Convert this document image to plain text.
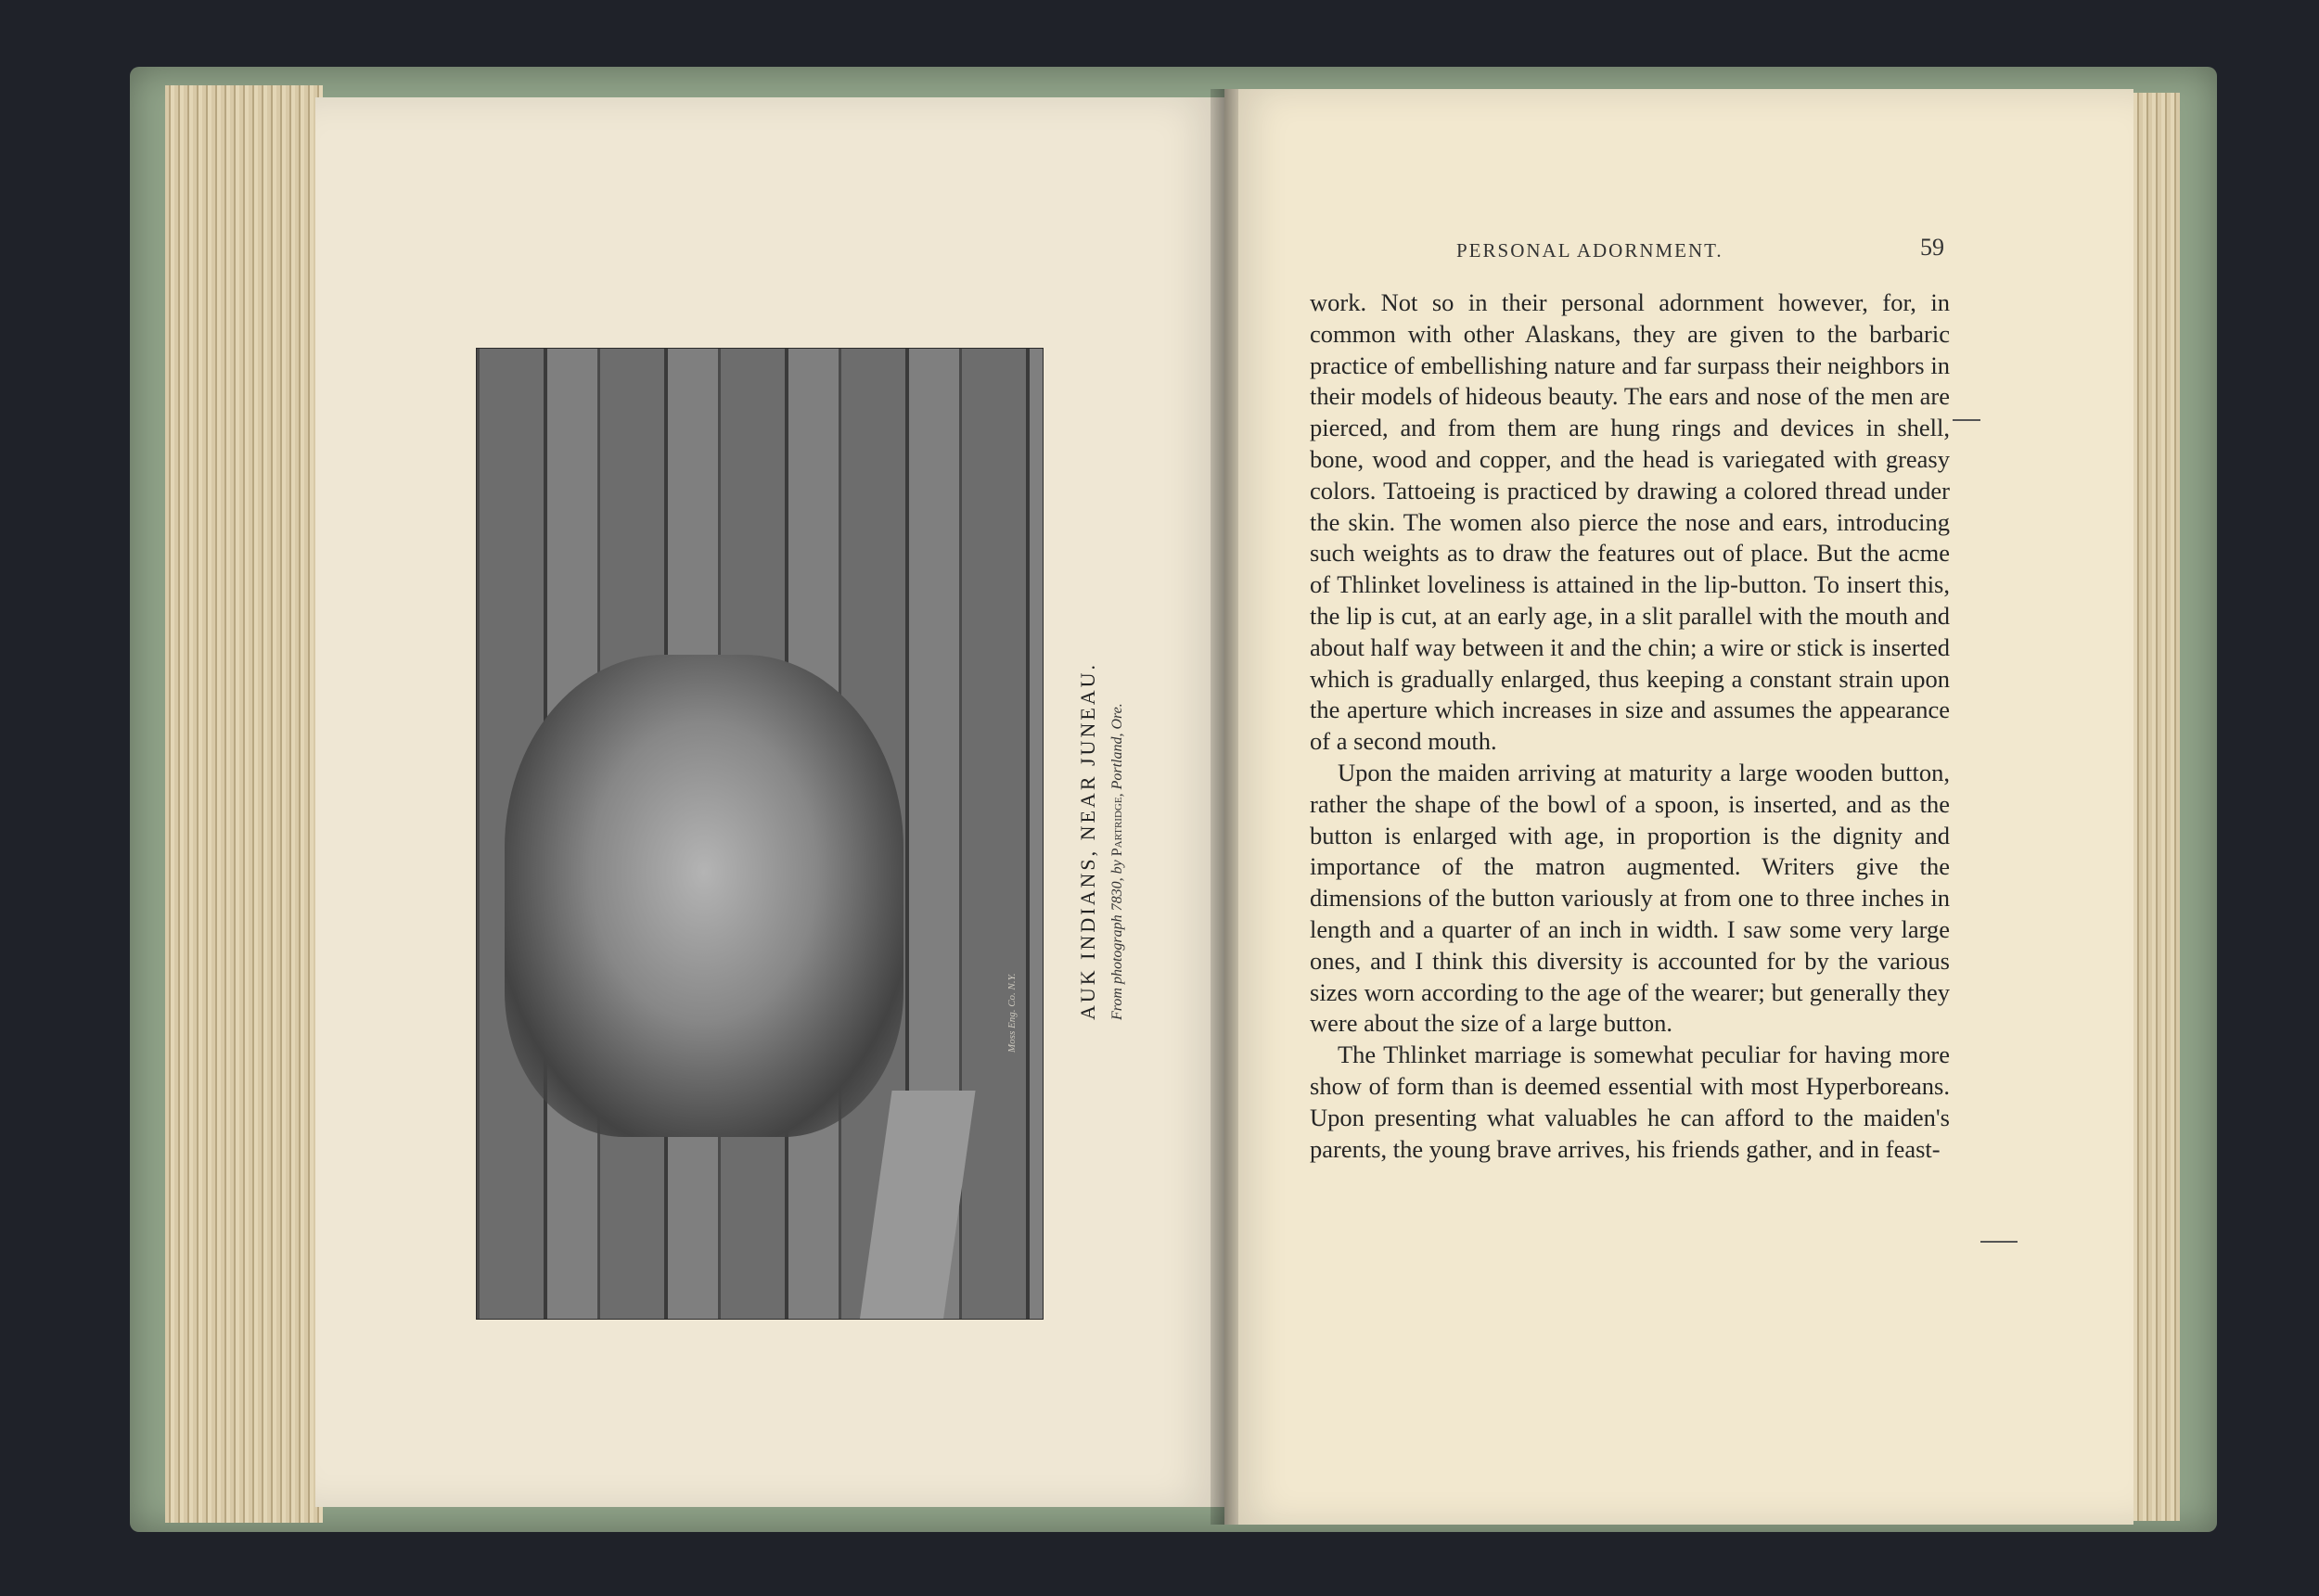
Moss Eng. Co. N.Y.	AUK INDIANS, NEAR JUNEAU. From photograph 7830, by Partridge, Portland, Ore.
PERSONAL ADORNMENT.	59

work. Not so in their personal adornment however, for, in common with other Alaskans, they are given to the barbaric practice of embellishing nature and far surpass their neighbors in their models of hideous beauty. The ears and nose of the men are pierced, and from them are hung rings and devices in shell, bone, wood and copper, and the head is variegated with greasy colors. Tattoeing is practiced by drawing a colored thread under the skin. The women also pierce the nose and ears, introducing such weights as to draw the features out of place. But the acme of Thlinket loveliness is attained in the lip-button. To insert this, the lip is cut, at an early age, in a slit parallel with the mouth and about half way between it and the chin; a wire or stick is inserted which is gradually enlarged, thus keeping a constant strain upon the aperture which increases in size and assumes the appearance of a second mouth.

Upon the maiden arriving at maturity a large wooden button, rather the shape of the bowl of a spoon, is inserted, and as the button is enlarged with age, in proportion is the dignity and importance of the matron augmented. Writers give the dimensions of the button variously at from one to three inches in length and a quarter of an inch in width. I saw some very large ones, and I think this diversity is accounted for by the various sizes worn according to the age of the wearer; but generally they were about the size of a large button.

The Thlinket marriage is somewhat peculiar for having more show of form than is deemed essential with most Hyperboreans. Upon presenting what valuables he can afford to the maiden's parents, the young brave arrives, his friends gather, and in feast-
